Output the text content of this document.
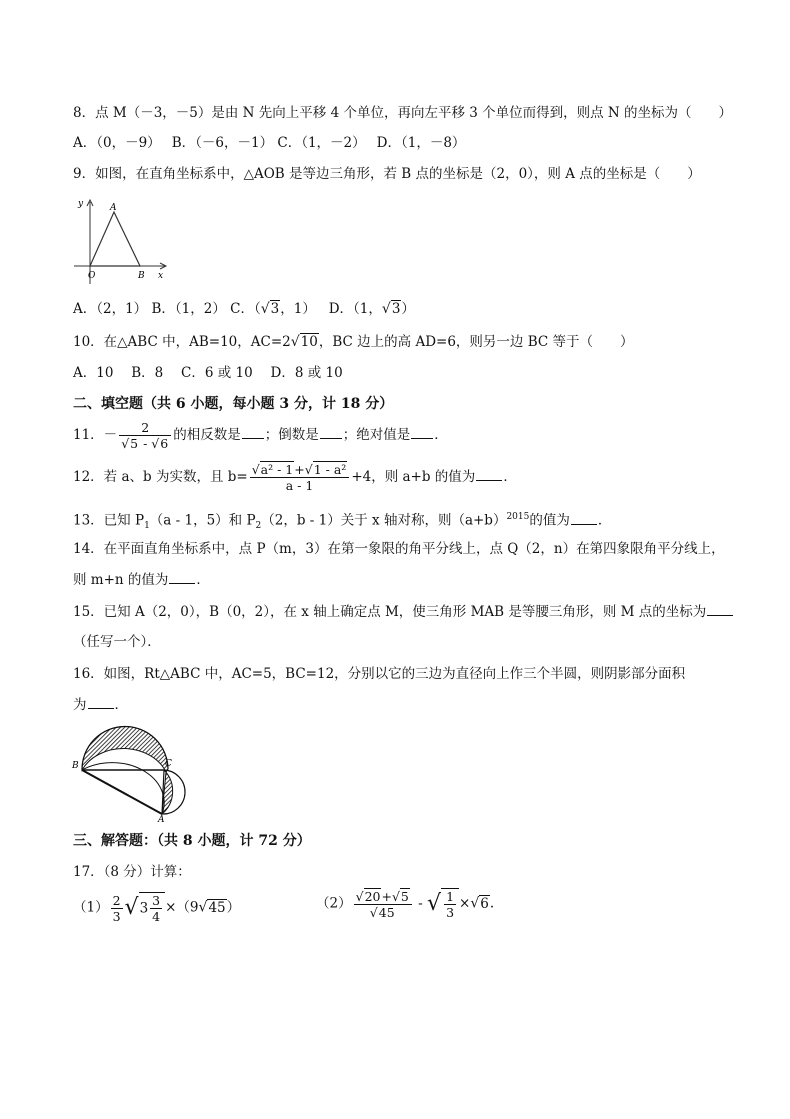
8．点 M（－3，－5）是由 N 先向上平移 4 个单位，再向左平移 3 个单位而得到，则点 N 的坐标为（　　）
A．（0，－9）　 B．（－6，－1） C．（1，－2）　 D．（1，－8）
9．如图，在直角坐标系中，△AOB 是等边三角形，若 B 点的坐标是（2，0），则 A 点的坐标是（　　）
y
x
O
A
B
A．（2，1） B．（1，2） C．（√3，1） D．（1，√3）
10．在△ABC 中，AB=10，AC=2√10，BC 边上的高 AD=6，则另一边 BC 等于（　　）
A．10　 B．8　 C．6 或 10　 D．8 或 10
二、填空题（共 6 小题，每小题 3 分，计 18 分）
11．－ $\frac{2}{√5 - √6}$ 的相反数是 ；倒数是 ；绝对值是 ．
12．若 a、b 为实数，且 $b= \frac{\text{√a² - 1+√1 - a²}}{a - 1} +4$，则 a+b 的值为 ．
13．已知 $P_1(a - 1$，5）和 $P_2(2$，b - 1）关于 x 轴对称，则$(a+b)^{2015}$的值为 ．
14．在平面直角坐标系中，点 P（m，3）在第一象限的角平分线上，点 Q（2，n）在第四象限角平分线上，
则 m+n 的值为 ．
15．已知 A（2，0），B（0，2），在 x 轴上确定点 M，使三角形 MAB 是等腰三角形，则 M 点的坐标为
（任写一个）．
16．如图，Rt△ABC 中，AC=5，BC=12，分别以它的三边为直径向上作三个半圆，则阴影部分面积
为 ．
B	C
A
三、解答题：（共 8 小题，计 72 分）
17．（8 分）计算：
$(1) \frac{2}{3} √3 \frac{3}{4} \times(9√45)$	$(2) \frac{√20+√5}{√45}$ - √ $\frac{1}{3} \times√6$.
